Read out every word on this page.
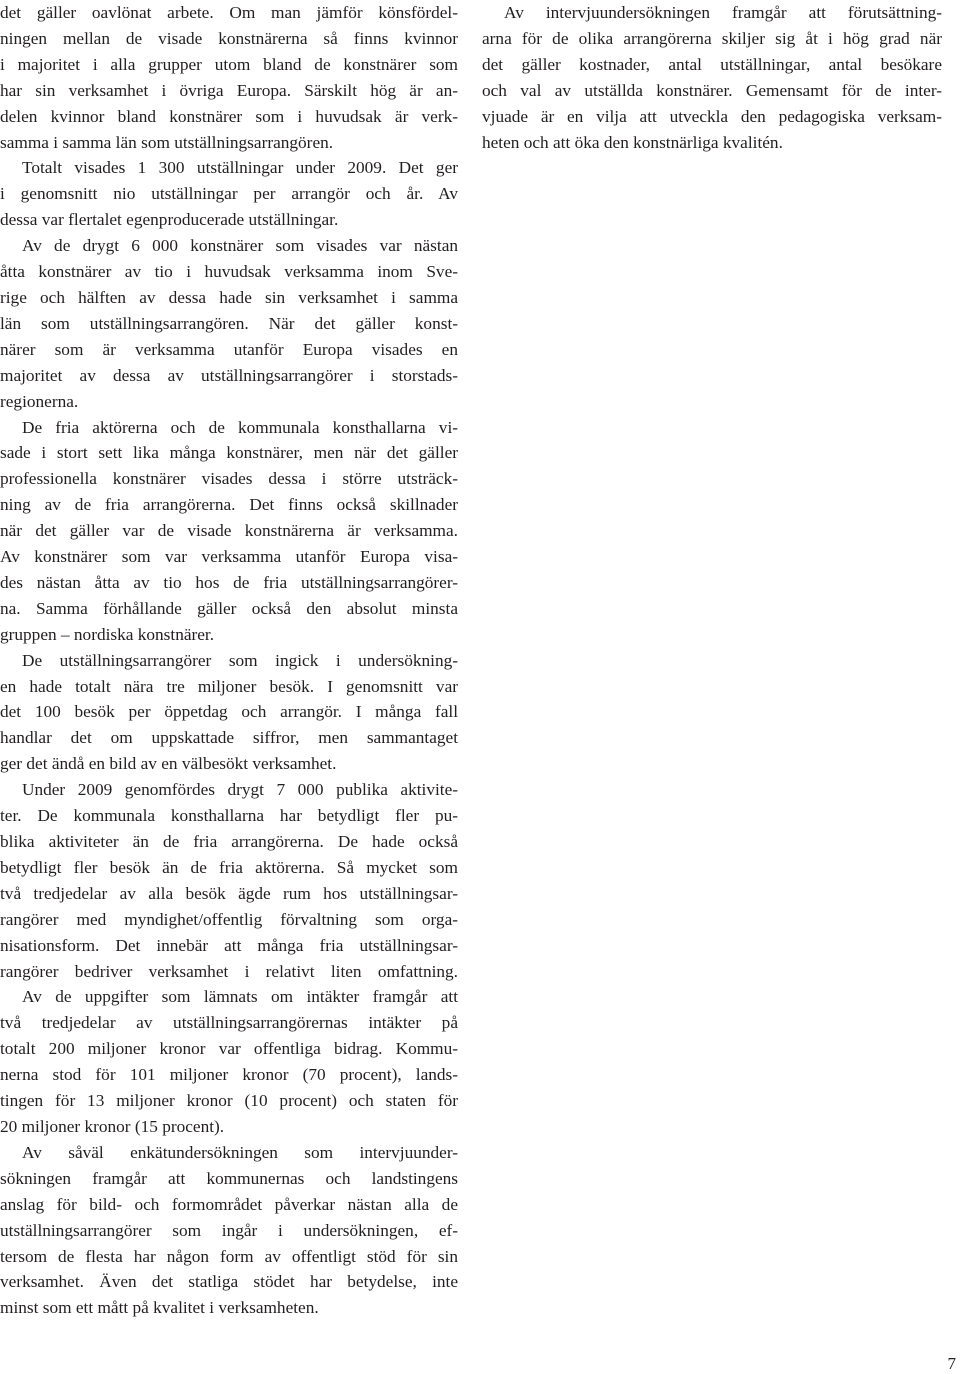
det gäller oavlönat arbete. Om man jämför könsfördel-
ningen mellan de visade konstnärerna så finns kvinnor
i majoritet i alla grupper utom bland de konstnärer som
har sin verksamhet i övriga Europa. Särskilt hög är an-
delen kvinnor bland konstnärer som i huvudsak är verk-
samma i samma län som utställningsarrangören.
Totalt visades 1 300 utställningar under 2009. Det ger
i genomsnitt nio utställningar per arrangör och år. Av
dessa var flertalet egenproducerade utställningar.
Av de drygt 6 000 konstnärer som visades var nästan
åtta konstnärer av tio i huvudsak verksamma inom Sve-
rige och hälften av dessa hade sin verksamhet i samma
län som utställningsarrangören. När det gäller konst-
närer som är verksamma utanför Europa visades en
majoritet av dessa av utställningsarrangörer i storstads-
regionerna.
De fria aktörerna och de kommunala konsthallarna vi-
sade i stort sett lika många konstnärer, men när det gäller
professionella konstnärer visades dessa i större utsträck-
ning av de fria arrangörerna. Det finns också skillnader
när det gäller var de visade konstnärerna är verksamma.
Av konstnärer som var verksamma utanför Europa visa-
des nästan åtta av tio hos de fria utställningsarrangörer-
na. Samma förhållande gäller också den absolut minsta
gruppen – nordiska konstnärer.
De utställningsarrangörer som ingick i undersökning-
en hade totalt nära tre miljoner besök. I genomsnitt var
det 100 besök per öppetdag och arrangör. I många fall
handlar det om uppskattade siffror, men sammantaget
ger det ändå en bild av en välbesökt verksamhet.
Under 2009 genomfördes drygt 7 000 publika aktivite-
ter. De kommunala konsthallarna har betydligt fler pu-
blika aktiviteter än de fria arrangörerna. De hade också
betydligt fler besök än de fria aktörerna. Så mycket som
två tredjedelar av alla besök ägde rum hos utställningsar-
rangörer med myndighet/offentlig förvaltning som orga-
nisationsform. Det innebär att många fria utställningsar-
rangörer bedriver verksamhet i relativt liten omfattning.
Av de uppgifter som lämnats om intäkter framgår att
två tredjedelar av utställningsarrangörernas intäkter på
totalt 200 miljoner kronor var offentliga bidrag. Kommu-
nerna stod för 101 miljoner kronor (70 procent), lands-
tingen för 13 miljoner kronor (10 procent) och staten för
20 miljoner kronor (15 procent).
Av såväl enkätundersökningen som intervjuunder-
sökningen framgår att kommunernas och landstingens
anslag för bild- och formområdet påverkar nästan alla de
utställningsarrangörer som ingår i undersökningen, ef-
tersom de flesta har någon form av offentligt stöd för sin
verksamhet. Även det statliga stödet har betydelse, inte
minst som ett mått på kvalitet i verksamheten.
Av intervjuundersökningen framgår att förutsättning-
arna för de olika arrangörerna skiljer sig åt i hög grad när
det gäller kostnader, antal utställningar, antal besökare
och val av utställda konstnärer. Gemensamt för de inter-
vjuade är en vilja att utveckla den pedagogiska verksam-
heten och att öka den konstnärliga kvalitén.
7
